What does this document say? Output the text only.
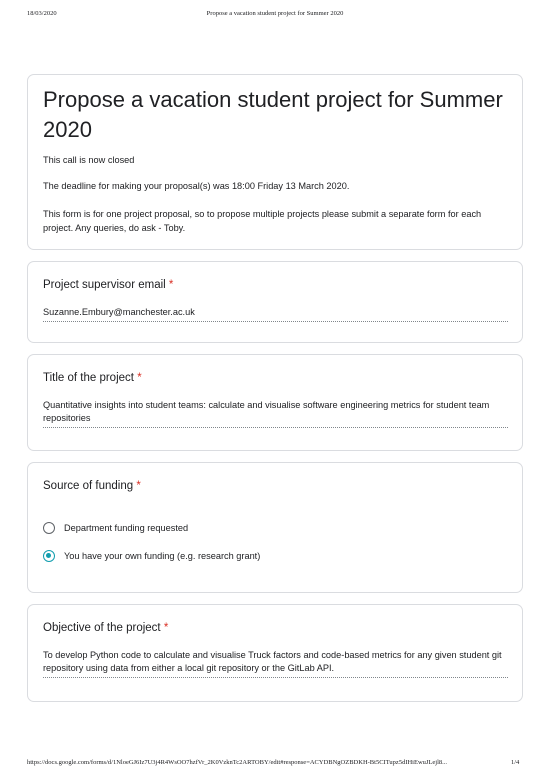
18/03/2020	Propose a vacation student project for Summer 2020
Propose a vacation student project for Summer 2020
This call is now closed
The deadline for making your proposal(s) was 18:00 Friday 13 March 2020.
This form is for one project proposal, so to propose multiple projects please submit a separate form for each project. Any queries, do ask - Toby.
Project supervisor email *
Suzanne.Embury@manchester.ac.uk
Title of the project *
Quantitative insights into student teams: calculate and visualise software engineering metrics for student team repositories
Source of funding *
Department funding requested
You have your own funding (e.g. research grant)
Objective of the project *
To develop Python code to calculate and visualise Truck factors and code-based metrics for any given student git repository using data from either a local git repository or the GitLab API.
https://docs.google.com/forms/d/1NloeGJ6Iz7U3j4R4WsOO7hzfVr_2K0VzknTc2ARTOBY/edit#response=ACYDBNgOZBDKH-Bt5CITupz5dIHiEwuJLejl8...	1/4
